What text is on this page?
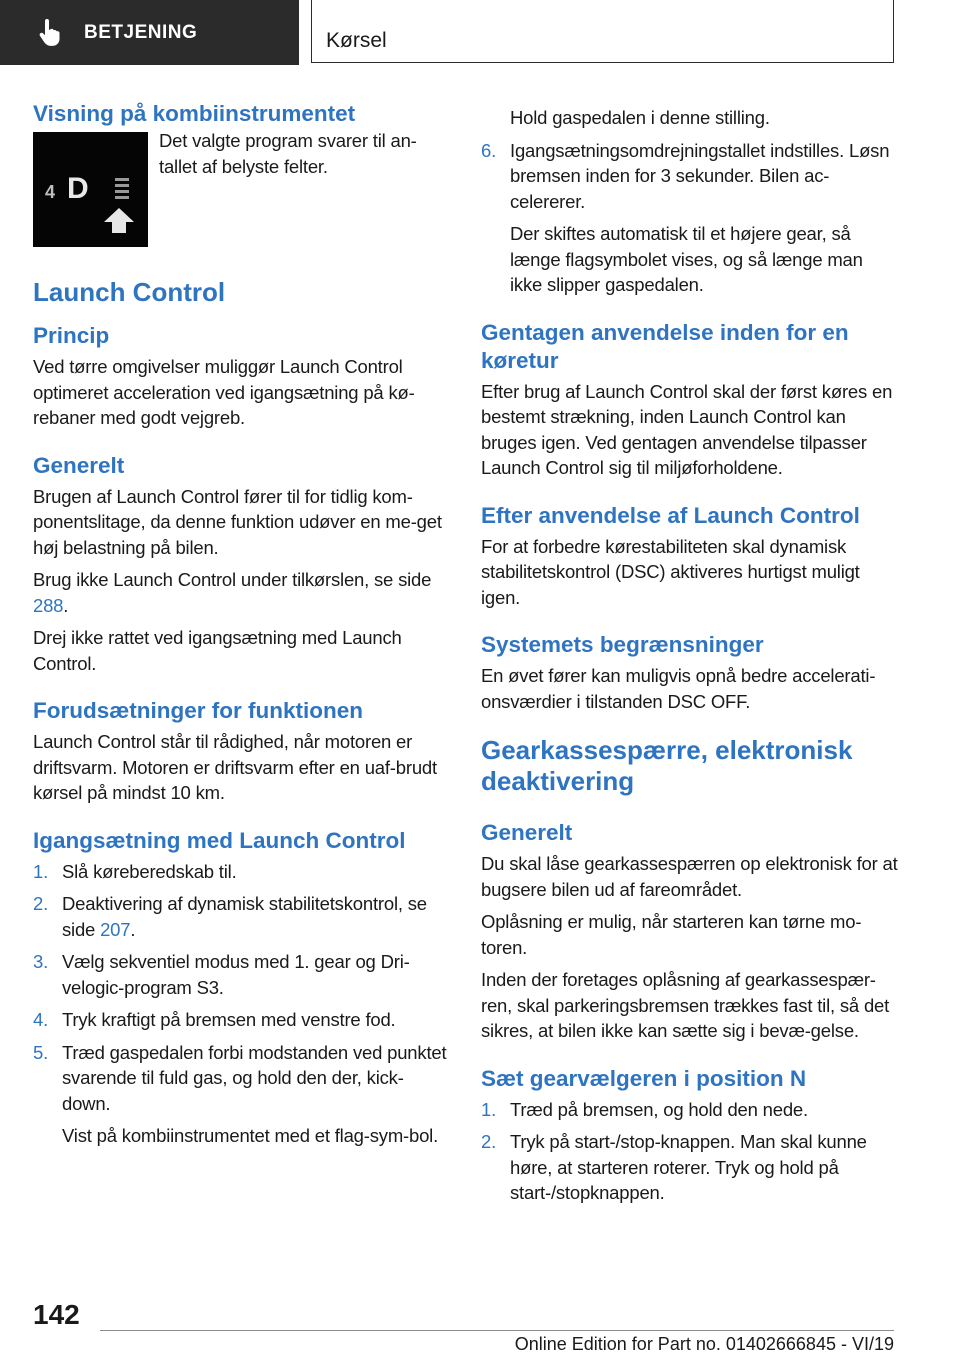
BETJENING	Kørsel
Visning på kombiinstrumentet
4 D

Det valgte program svarer til an-tallet af belyste felter.

Launch Control
Princip

Ved tørre omgivelser muliggør Launch Control optimeret acceleration ved igangsætning på kø-rebaner med godt vejgreb.

Generelt

Brugen af Launch Control fører til for tidlig kom-ponentslitage, da denne funktion udøver en me-get høj belastning på bilen.

Brug ikke Launch Control under tilkørslen, se side 288.

Drej ikke rattet ved igangsætning med Launch Control.

Forudsætninger for funktionen

Launch Control står til rådighed, når motoren er driftsvarm. Motoren er driftsvarm efter en uaf-brudt kørsel på mindst 10 km.

Igangsætning med Launch Control
1. Slå køreberedskab til.
2. Deaktivering af dynamisk stabilitetskontrol, se side 207.
3. Vælg sekventiel modus med 1. gear og Dri-velogic-program S3.
4. Tryk kraftigt på bremsen med venstre fod.
5. Træd gaspedalen forbi modstanden ved punktet svarende til fuld gas, og hold den der, kick-down.
Vist på kombiinstrumentet med et flag-sym-bol.
Hold gaspedalen i denne stilling.
6. Igangsætningsomdrejningstallet indstilles. Løsn bremsen inden for 3 sekunder. Bilen ac-celererer.
Der skiftes automatisk til et højere gear, så længe flagsymbolet vises, og så længe man ikke slipper gaspedalen.
Gentagen anvendelse inden for en køretur

Efter brug af Launch Control skal der først køres en bestemt strækning, inden Launch Control kan bruges igen. Ved gentagen anvendelse tilpasser Launch Control sig til miljøforholdene.

Efter anvendelse af Launch Control

For at forbedre kørestabiliteten skal dynamisk stabilitetskontrol (DSC) aktiveres hurtigst muligt igen.

Systemets begrænsninger

En øvet fører kan muligvis opnå bedre accelerati-onsværdier i tilstanden DSC OFF.

Gearkassespærre, elektronisk deaktivering
Generelt

Du skal låse gearkassespærren op elektronisk for at bugsere bilen ud af fareområdet.

Oplåsning er mulig, når starteren kan tørne mo-toren.

Inden der foretages oplåsning af gearkassespær-ren, skal parkeringsbremsen trækkes fast til, så det sikres, at bilen ikke kan sætte sig i bevæ-gelse.

Sæt gearvælgeren i position N
1. Træd på bremsen, og hold den nede.
2. Tryk på start-/stop-knappen. Man skal kunne høre, at starteren roterer. Tryk og hold på start-/stopknappen.
142
Online Edition for Part no. 01402666845 - VI/19
